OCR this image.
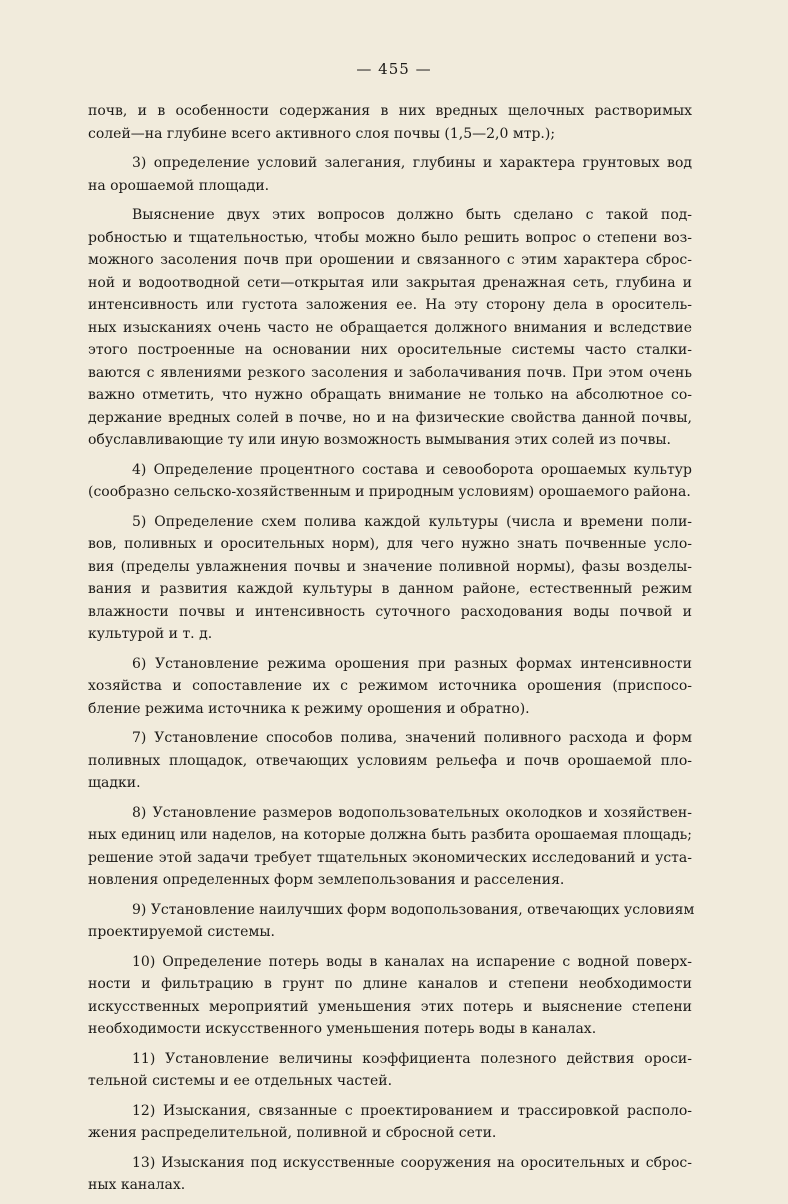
— 455 —
почв, и в особенности содержания в них вредных щелочных растворимых
солей—на глубине всего активного слоя почвы (1,5—2,0 мтр.);
3) определение условий залегания, глубины и характера грунтовых вод
на орошаемой площади.
Выяснение двух этих вопросов должно быть сделано с такой под-
робностью и тщательностью, чтобы можно было решить вопрос о степени воз-
можного засоления почв при орошении и связанного с этим характера сброс-
ной и водоотводной сети—открытая или закрытая дренажная сеть, глубина и
интенсивность или густота заложения ее. На эту сторону дела в ороситель-
ных изысканиях очень часто не обращается должного внимания и вследствие
этого построенные на основании них оросительные системы часто сталки-
ваются с явлениями резкого засоления и заболачивания почв. При этом очень
важно отметить, что нужно обращать внимание не только на абсолютное со-
держание вредных солей в почве, но и на физические свойства данной почвы,
обуславливающие ту или иную возможность вымывания этих солей из почвы.
4) Определение процентного состава и севооборота орошаемых культур
(сообразно сельско-хозяйственным и природным условиям) орошаемого района.
5) Определение схем полива каждой культуры (числа и времени поли-
вов, поливных и оросительных норм), для чего нужно знать почвенные усло-
вия (пределы увлажнения почвы и значение поливной нормы), фазы возделы-
вания и развития каждой культуры в данном районе, естественный режим
влажности почвы и интенсивность суточного расходования воды почвой и
культурой и т. д.
6) Установление режима орошения при разных формах интенсивности
хозяйства и сопоставление их с режимом источника орошения (приспосо-
бление режима источника к режиму орошения и обратно).
7) Установление способов полива, значений поливного расхода и форм
поливных площадок, отвечающих условиям рельефа и почв орошаемой пло-
щадки.
8) Установление размеров водопользовательных околодков и хозяйствен-
ных единиц или наделов, на которые должна быть разбита орошаемая площадь;
решение этой задачи требует тщательных экономических исследований и уста-
новления определенных форм землепользования и расселения.
9) Установление наилучших форм водопользования, отвечающих условиям
проектируемой системы.
10) Определение потерь воды в каналах на испарение с водной поверх-
ности и фильтрацию в грунт по длине каналов и степени необходимости
искусственных мероприятий уменьшения этих потерь и выяснение степени
необходимости искусственного уменьшения потерь воды в каналах.
11) Установление величины коэффициента полезного действия ороси-
тельной системы и ее отдельных частей.
12) Изыскания, связанные с проектированием и трассировкой располо-
жения распределительной, поливной и сбросной сети.
13) Изыскания под искусственные сооружения на оросительных и сброс-
ных каналах.
